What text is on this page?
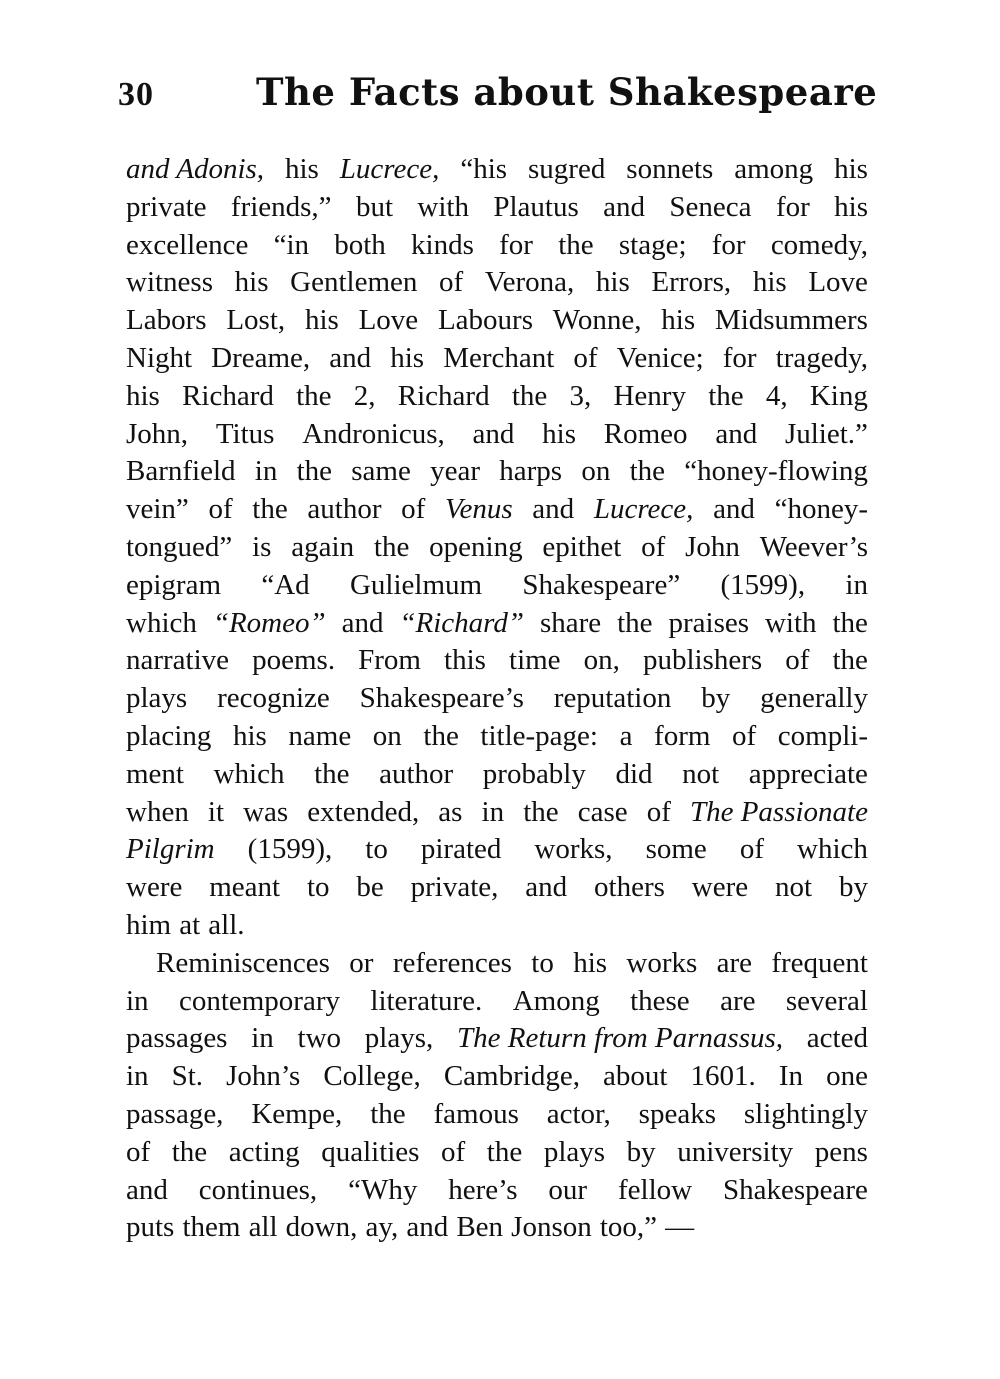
30	The Facts about Shakespeare
and Adonis, his Lucrece, “his sugred sonnets among his
private friends,” but with Plautus and Seneca for his
excellence “in both kinds for the stage; for comedy,
witness his Gentlemen of Verona, his Errors, his Love
Labors Lost, his Love Labours Wonne, his Midsummers
Night Dreame, and his Merchant of Venice; for tragedy,
his Richard the 2, Richard the 3, Henry the 4, King
John, Titus Andronicus, and his Romeo and Juliet.”
Barnfield in the same year harps on the “honey-flowing
vein” of the author of Venus and Lucrece, and “honey-
tongued” is again the opening epithet of John Weever’s
epigram “Ad Gulielmum Shakespeare” (1599), in
which “Romeo” and “Richard” share the praises with the
narrative poems. From this time on, publishers of the
plays recognize Shakespeare’s reputation by generally
placing his name on the title-page: a form of compli-
ment which the author probably did not appreciate
when it was extended, as in the case of The Passionate
Pilgrim (1599), to pirated works, some of which
were meant to be private, and others were not by
him at all.
Reminiscences or references to his works are frequent
in contemporary literature. Among these are several
passages in two plays, The Return from Parnassus, acted
in St. John’s College, Cambridge, about 1601. In one
passage, Kempe, the famous actor, speaks slightingly
of the acting qualities of the plays by university pens
and continues, “Why here’s our fellow Shakespeare
puts them all down, ay, and Ben Jonson too,” —
